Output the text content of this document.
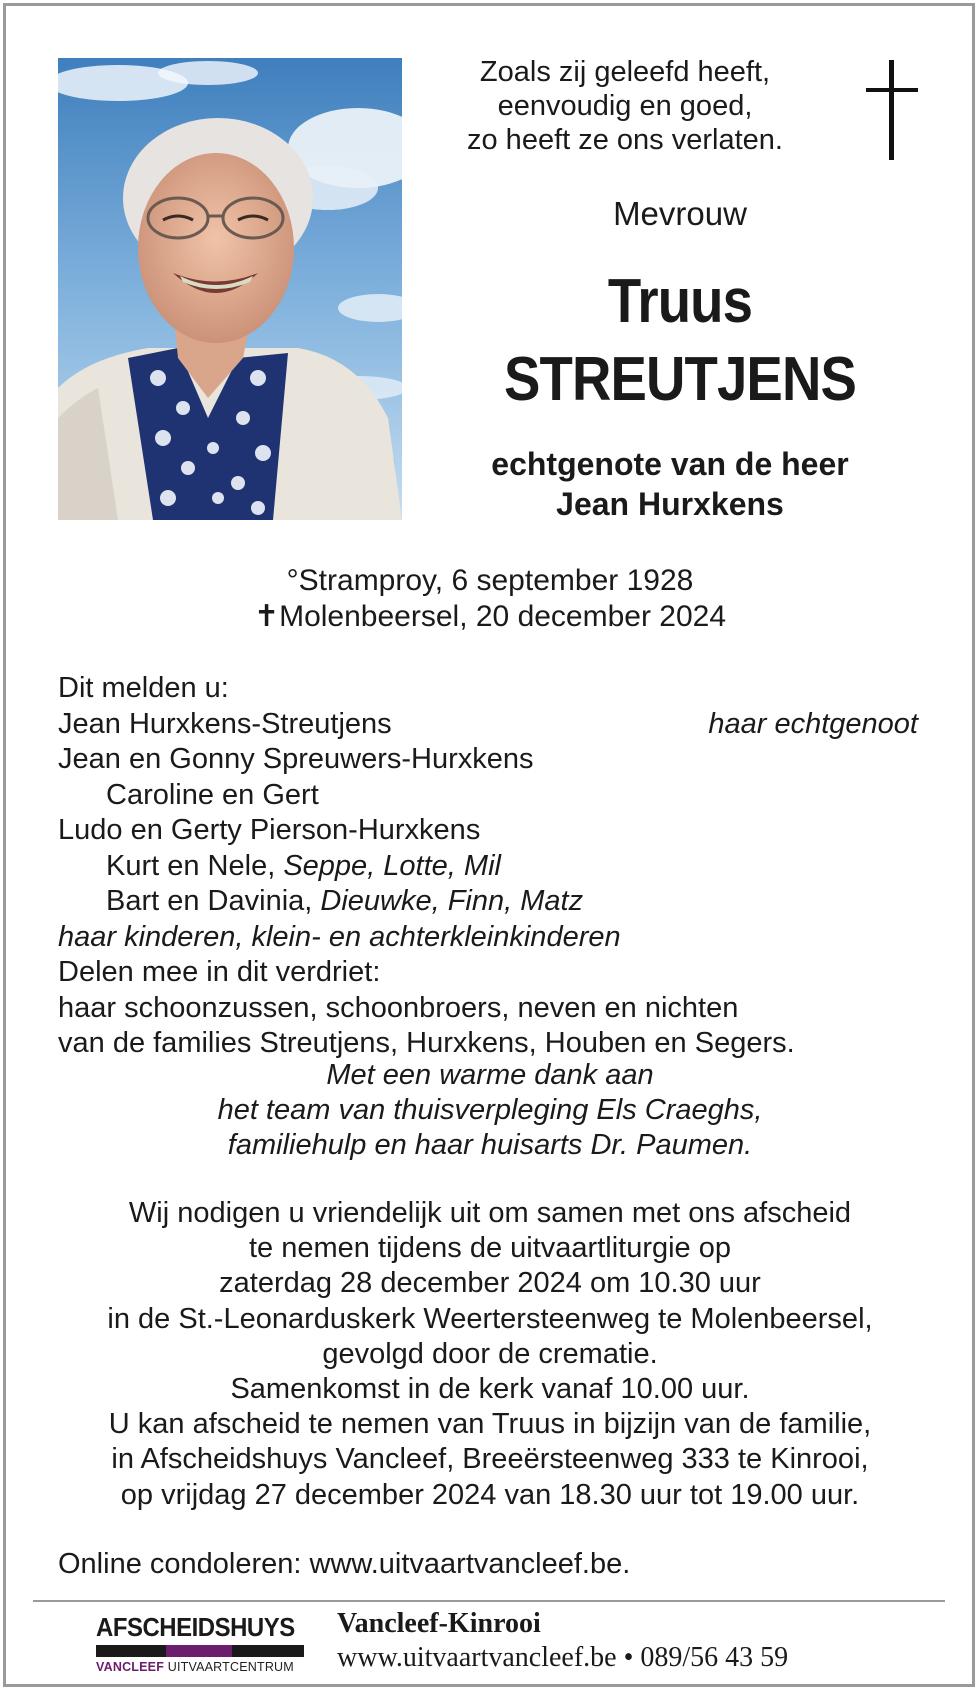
Zoals zij geleefd heeft,
eenvoudig en goed,
zo heeft ze ons verlaten.
Mevrouw
Truus
STREUTJENS
echtgenote van de heer
Jean Hurxkens
°Stramproy, 6 september 1928
✝Molenbeersel, 20 december 2024
Dit melden u:
Jean Hurxkens-Streutjens	haar echtgenoot
Jean en Gonny Spreuwers-Hurxkens
Caroline en Gert
Ludo en Gerty Pierson-Hurxkens
Kurt en Nele, Seppe, Lotte, Mil
Bart en Davinia, Dieuwke, Finn, Matz
haar kinderen, klein- en achterkleinkinderen
Delen mee in dit verdriet:
haar schoonzussen, schoonbroers, neven en nichten
van de families Streutjens, Hurxkens, Houben en Segers.
Met een warme dank aan
het team van thuisverpleging Els Craeghs,
familiehulp en haar huisarts Dr. Paumen.
Wij nodigen u vriendelijk uit om samen met ons afscheid
te nemen tijdens de uitvaartliturgie op
zaterdag 28 december 2024 om 10.30 uur
in de St.-Leonarduskerk Weertersteenweg te Molenbeersel,
gevolgd door de crematie.
Samenkomst in de kerk vanaf 10.00 uur.
U kan afscheid te nemen van Truus in bijzijn van de familie,
in Afscheidshuys Vancleef, Breeërsteenweg 333 te Kinrooi,
op vrijdag 27 december 2024 van 18.30 uur tot 19.00 uur.
Online condoleren: www.uitvaartvancleef.be.
AFSCHEIDSHUYS
VANCLEEF UITVAARTCENTRUM
Vancleef-Kinrooi
www.uitvaartvancleef.be • 089/56 43 59
